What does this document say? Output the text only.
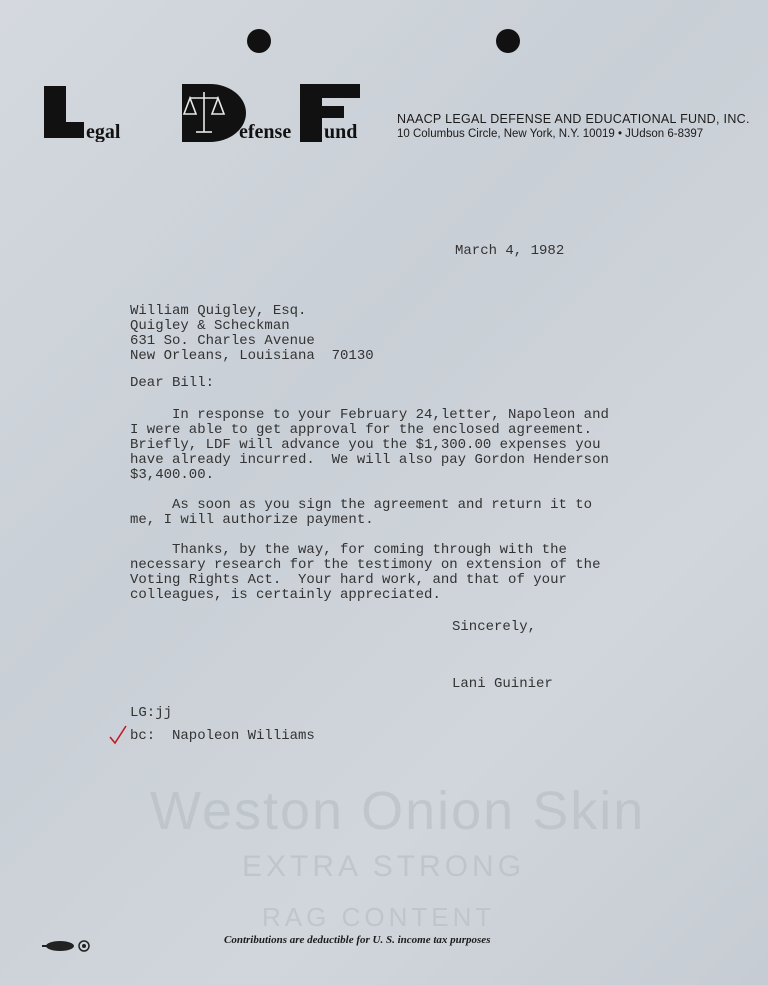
egal	efense und
NAACP LEGAL DEFENSE AND EDUCATIONAL FUND, INC.
10 Columbus Circle, New York, N.Y. 10019 • JUdson 6-8397
March 4, 1982
William Quigley, Esq.
Quigley & Scheckman
631 So. Charles Avenue
New Orleans, Louisiana  70130
Dear Bill:
In response to your February 24,letter, Napoleon and
I were able to get approval for the enclosed agreement.
Briefly, LDF will advance you the $1,300.00 expenses you
have already incurred.  We will also pay Gordon Henderson
$3,400.00.
As soon as you sign the agreement and return it to
me, I will authorize payment.
Thanks, by the way, for coming through with the
necessary research for the testimony on extension of the
Voting Rights Act.  Your hard work, and that of your
colleagues, is certainly appreciated.
Sincerely,
Lani Guinier
LG:jj
bc:  Napoleon Williams
Weston Onion Skin
EXTRA STRONG
RAG CONTENT
Contributions are deductible for U. S. income tax purposes
